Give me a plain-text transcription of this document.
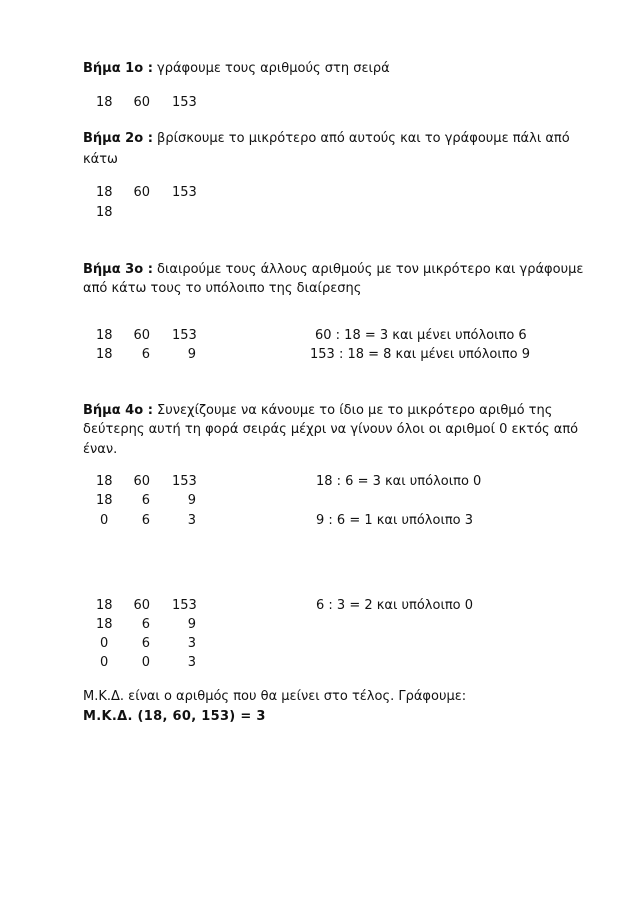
Βήμα 1ο : γράφουμε τους αριθμούς στη σειρά
18	60 153
Βήμα 2ο : βρίσκουμε το μικρότερο από αυτούς και το γράφουμε πάλι από
κάτω
18	60 153
18
Βήμα 3ο : διαιρούμε τους άλλους αριθμούς με τον μικρότερο και γράφουμε
από κάτω τους το υπόλοιπο της διαίρεσης
18	60 153	60 : 18 = 3 και μένει υπόλοιπο 6
18	6	9	153 : 18 = 8 και μένει υπόλοιπο 9
Βήμα 4ο : Συνεχίζουμε να κάνουμε το ίδιο με το μικρότερο αριθμό της
δεύτερης αυτή τη φορά σειράς μέχρι να γίνουν όλοι οι αριθμοί 0 εκτός από
έναν.
18	60 153	18 : 6 = 3 και υπόλοιπο 0
18	6	9
0	6	3	9 : 6 = 1 και υπόλοιπο 3
18	60 153	6 : 3 = 2 και υπόλοιπο 0
18	6	9
0	6	3
0	0	3
Μ.Κ.Δ. είναι ο αριθμός που θα μείνει στο τέλος. Γράφουμε:
Μ.Κ.Δ. (18, 60, 153) = 3
